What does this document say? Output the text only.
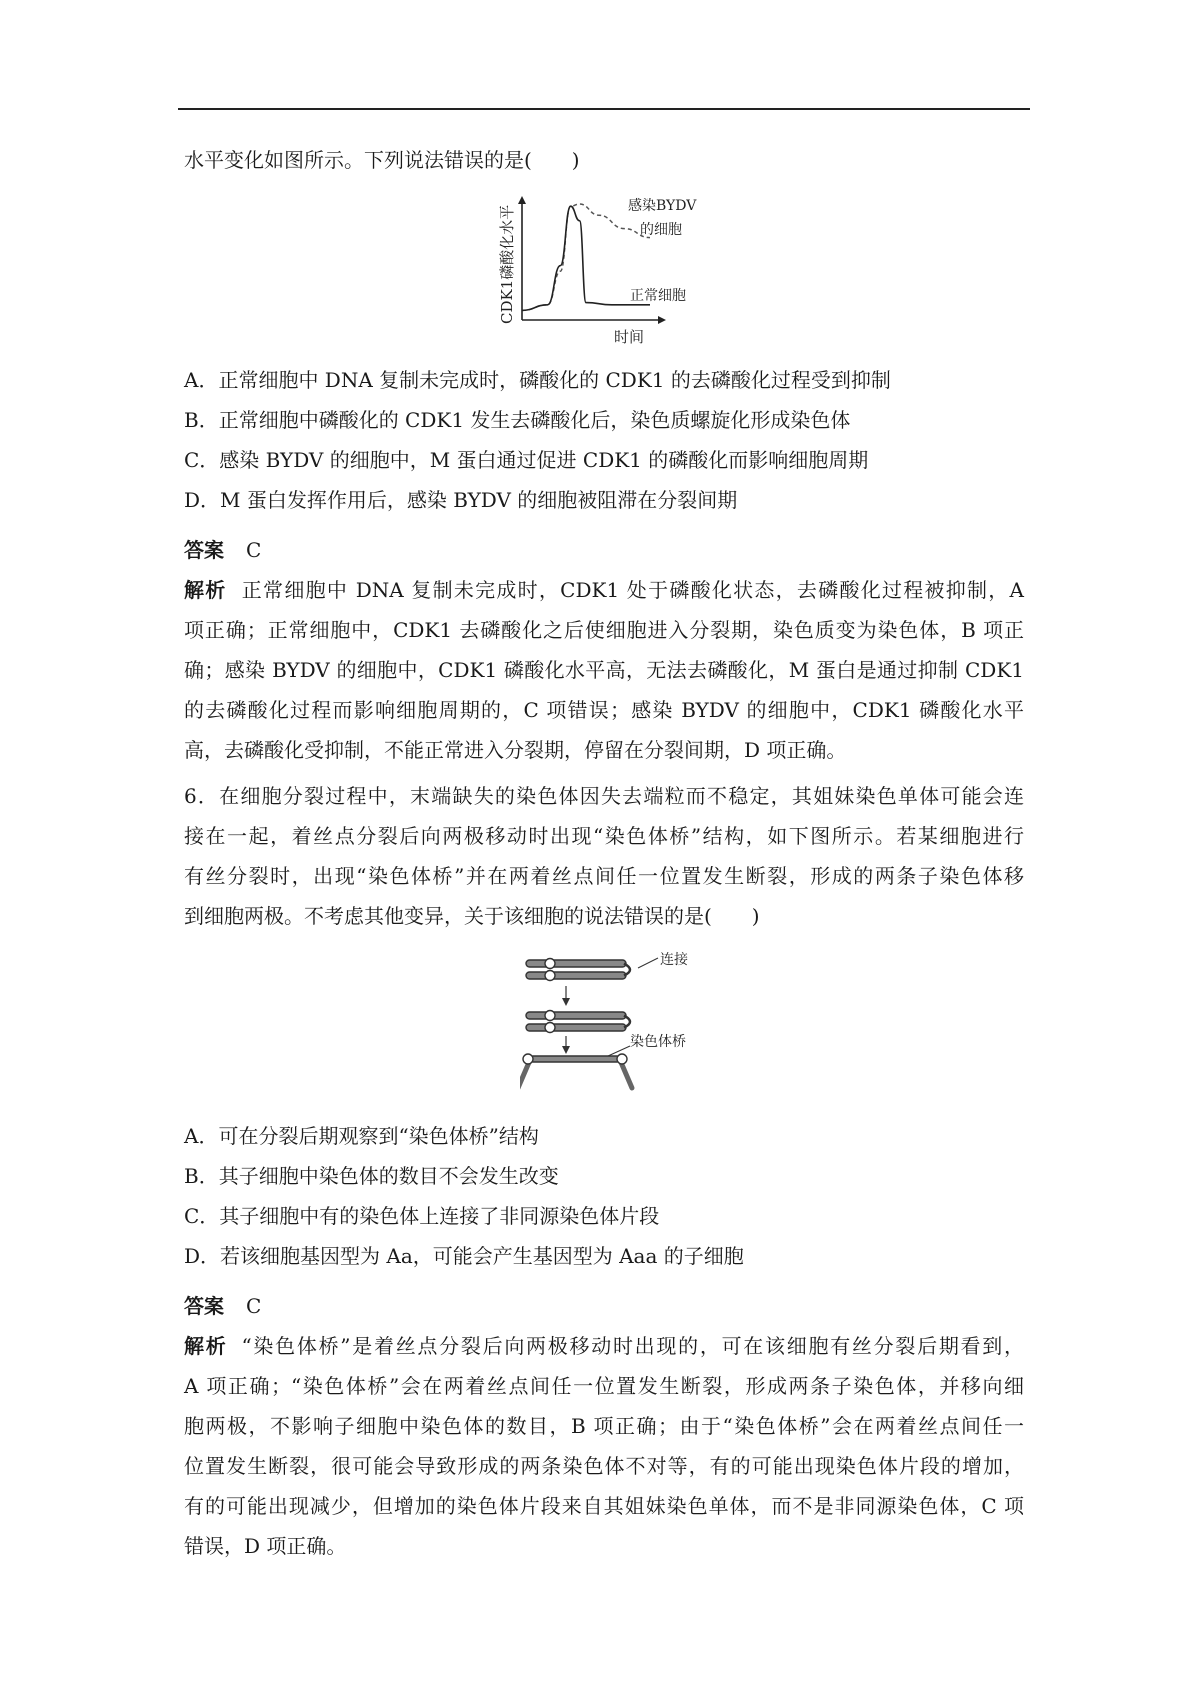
水平变化如图所示。下列说法错误的是(　　)
CDK1磷酸化水平
时间
感染BYDV
的细胞
正常细胞
A．正常细胞中 DNA 复制未完成时，磷酸化的 CDK1 的去磷酸化过程受到抑制
B．正常细胞中磷酸化的 CDK1 发生去磷酸化后，染色质螺旋化形成染色体
C．感染 BYDV 的细胞中，M 蛋白通过促进 CDK1 的磷酸化而影响细胞周期
D．M 蛋白发挥作用后，感染 BYDV 的细胞被阻滞在分裂间期
答案 C
解析 正常细胞中 DNA 复制未完成时，CDK1 处于磷酸化状态，去磷酸化过程被抑制，A
项正确；正常细胞中，CDK1 去磷酸化之后使细胞进入分裂期，染色质变为染色体，B 项正
确；感染 BYDV 的细胞中，CDK1 磷酸化水平高，无法去磷酸化，M 蛋白是通过抑制 CDK1
的去磷酸化过程而影响细胞周期的，C 项错误；感染 BYDV 的细胞中，CDK1 磷酸化水平
高，去磷酸化受抑制，不能正常进入分裂期，停留在分裂间期，D 项正确。
6．在细胞分裂过程中，末端缺失的染色体因失去端粒而不稳定，其姐妹染色单体可能会连
接在一起，着丝点分裂后向两极移动时出现“染色体桥”结构，如下图所示。若某细胞进行
有丝分裂时，出现“染色体桥”并在两着丝点间任一位置发生断裂，形成的两条子染色体移
到细胞两极。不考虑其他变异，关于该细胞的说法错误的是(　　)
连接
染色体桥
A．可在分裂后期观察到“染色体桥”结构
B．其子细胞中染色体的数目不会发生改变
C．其子细胞中有的染色体上连接了非同源染色体片段
D．若该细胞基因型为 Aa，可能会产生基因型为 Aaa 的子细胞
答案 C
解析 “染色体桥”是着丝点分裂后向两极移动时出现的，可在该细胞有丝分裂后期看到，
A 项正确；“染色体桥”会在两着丝点间任一位置发生断裂，形成两条子染色体，并移向细
胞两极，不影响子细胞中染色体的数目，B 项正确；由于“染色体桥”会在两着丝点间任一
位置发生断裂，很可能会导致形成的两条染色体不对等，有的可能出现染色体片段的增加，
有的可能出现减少，但增加的染色体片段来自其姐妹染色单体，而不是非同源染色体，C 项
错误，D 项正确。
